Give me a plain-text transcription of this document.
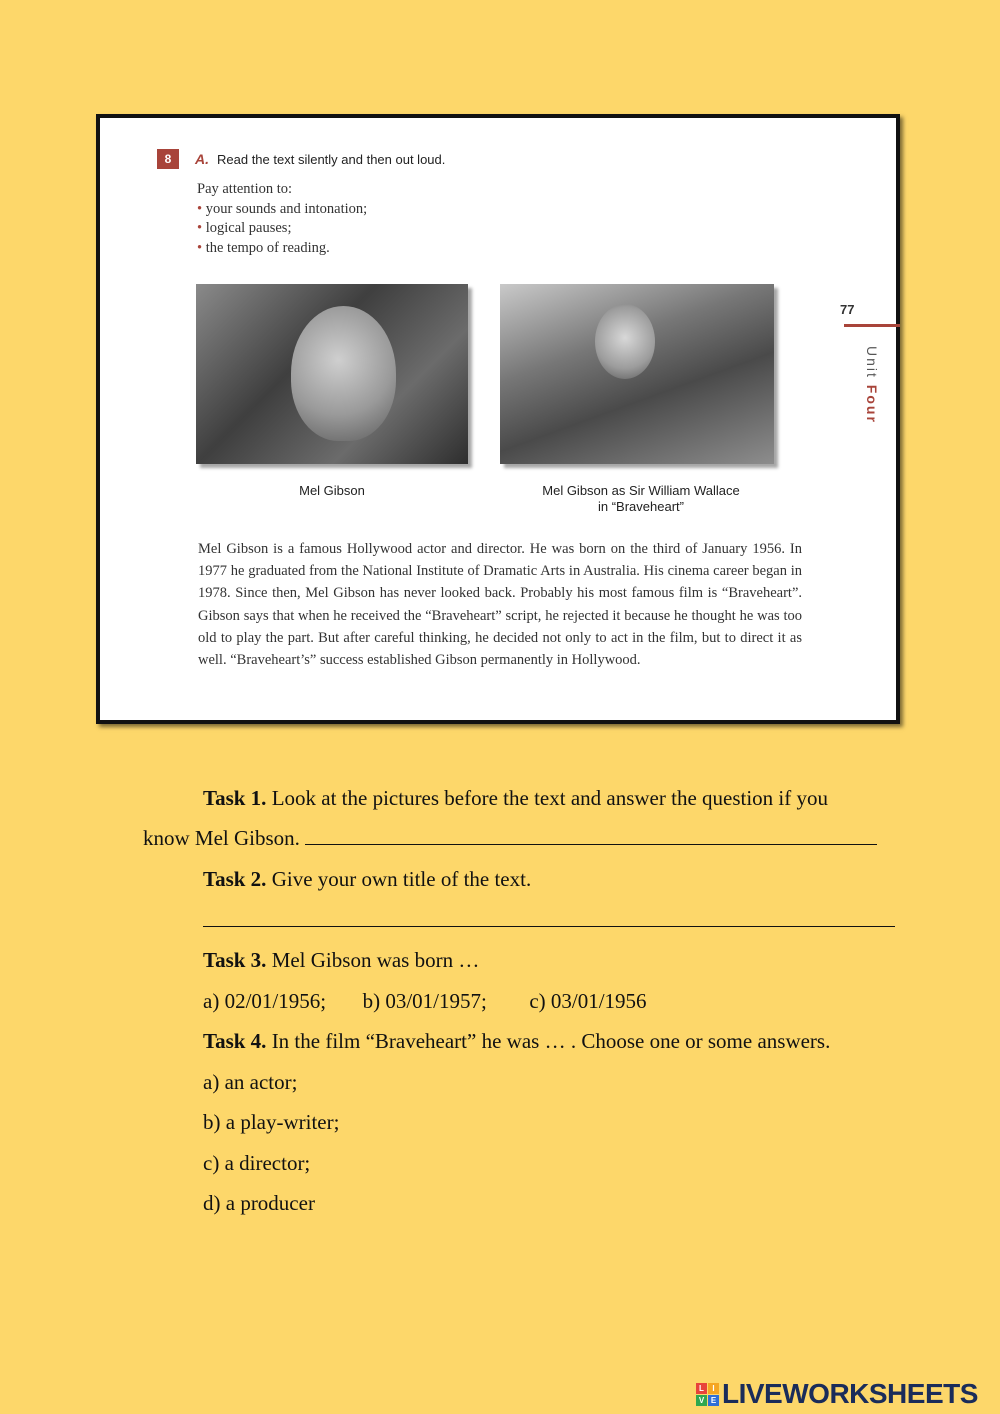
8	A. Read the text silently and then out loud.
Pay attention to:
• your sounds and intonation;
• logical pauses;
• the tempo of reading.
Mel Gibson	Mel Gibson as Sir William Wallace
in “Braveheart”
77
Unit Four
Mel Gibson is a famous Hollywood actor and director. He was born on the third of January 1956. In 1977 he graduated from the National Institute of Dramatic Arts in Australia. His cinema career began in 1978. Since then, Mel Gibson has never looked back. Probably his most famous film is “Braveheart”. Gibson says that when he received the “Braveheart” script, he rejected it because he thought he was too old to play the part. But after careful thinking, he decided not only to act in the film, but to direct it as well. “Braveheart’s” success established Gibson permanently in Hollywood.
Task 1. Look at the pictures before the text and answer the question if you
know Mel Gibson.
Task 2. Give your own title of the text.
Task 3. Mel Gibson was born …
a) 02/01/1956; b) 03/01/1957; c) 03/01/1956
Task 4. In the film “Braveheart” he was … . Choose one or some answers.
a) an actor;
b) a play-writer;
c) a director;
d) a producer
L	I
V E LIVEWORKSHEETS
